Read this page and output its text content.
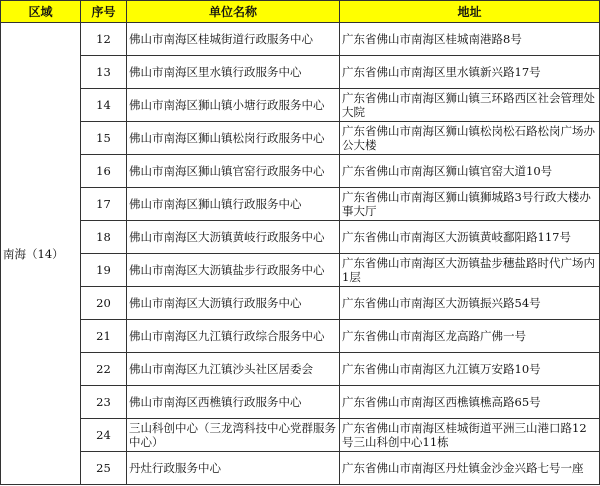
区域	序号	单位名称	地址
南海（14）	12	佛山市南海区桂城街道行政服务中心	广东省佛山市南海区桂城南港路8号
	13	佛山市南海区里水镇行政服务中心	广东省佛山市南海区里水镇新兴路17号
	14	佛山市南海区狮山镇小塘行政服务中心	广东省佛山市南海区狮山镇三环路西区社会管理处大院
	15	佛山市南海区狮山镇松岗行政服务中心	广东省佛山市南海区狮山镇松岗松石路松岗广场办公大楼
	16	佛山市南海区狮山镇官窑行政服务中心	广东省佛山市南海区狮山镇官窑大道10号
	17	佛山市南海区狮山镇行政服务中心	广东省佛山市南海区狮山镇狮城路3号行政大楼办事大厅
	18	佛山市南海区大沥镇黄岐行政服务中心	广东省佛山市南海区大沥镇黄岐鄱阳路117号
	19	佛山市南海区大沥镇盐步行政服务中心	广东省佛山市南海区大沥镇盐步穗盐路时代广场内1层
	20	佛山市南海区大沥镇行政服务中心	广东省佛山市南海区大沥镇振兴路54号
	21	佛山市南海区九江镇行政综合服务中心	广东省佛山市南海区龙高路广佛一号
	22	佛山市南海区九江镇沙头社区居委会	广东省佛山市南海区九江镇万安路10号
	23	佛山市南海区西樵镇行政服务中心	广东省佛山市南海区西樵镇樵高路65号
	24	三山科创中心（三龙湾科技中心党群服务中心）	广东省佛山市南海区桂城街道平洲三山港口路12号三山科创中心11栋
	25	丹灶行政服务中心	广东省佛山市南海区丹灶镇金沙金兴路七号一座
